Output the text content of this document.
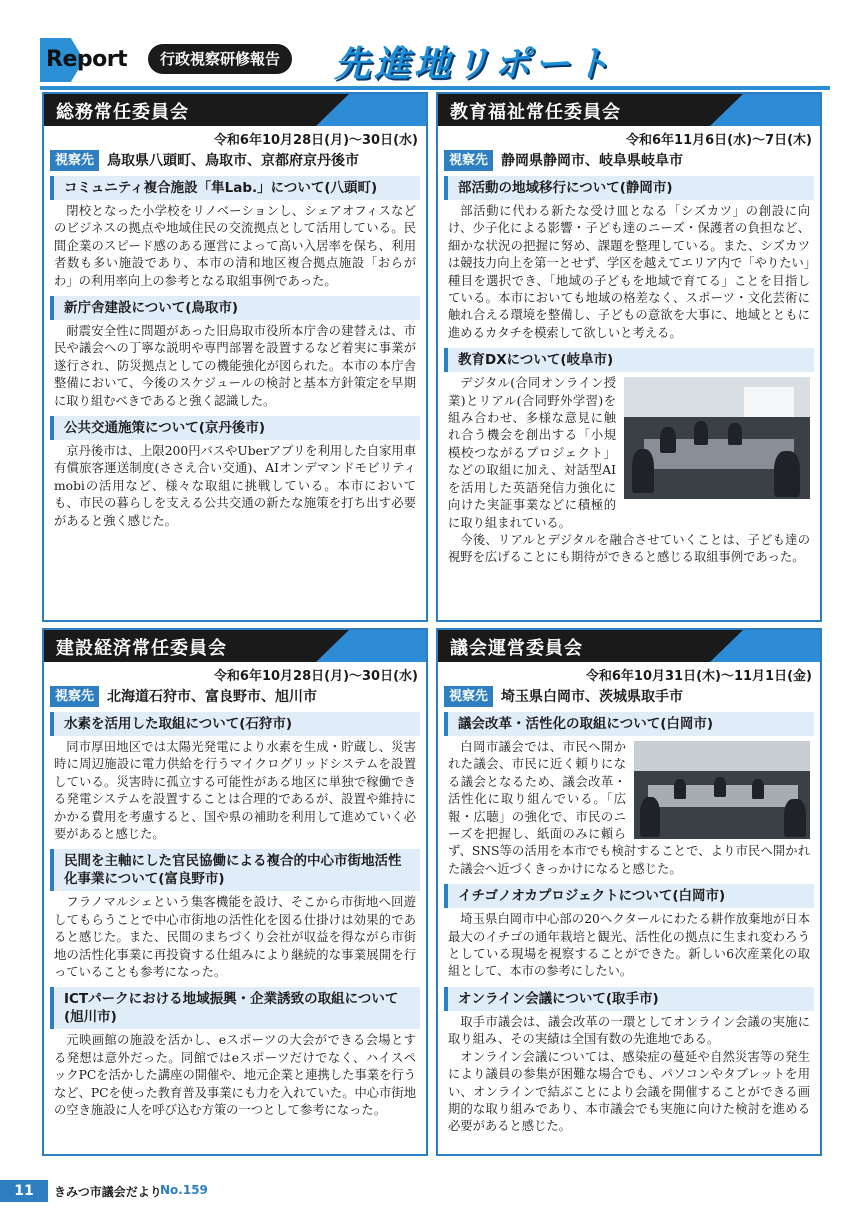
Report	行政視察研修報告	先進地リポート
総務常任委員会
令和6年10月28日(月)〜30日(水)
視察先 鳥取県八頭町、鳥取市、京都府京丹後市
コミュニティ複合施設「隼Lab.」について(八頭町)
閉校となった小学校をリノベーションし、シェアオフィスなどのビジネスの拠点や地域住民の交流拠点として活用している。民間企業のスピード感のある運営によって高い入居率を保ち、利用者数も多い施設であり、本市の清和地区複合拠点施設「おらがわ」の利用率向上の参考となる取組事例であった。
新庁舎建設について(鳥取市)
耐震安全性に問題があった旧鳥取市役所本庁舎の建替えは、市民や議会への丁寧な説明や専門部署を設置するなど着実に事業が遂行され、防災拠点としての機能強化が図られた。本市の本庁舎整備において、今後のスケジュールの検討と基本方針策定を早期に取り組むべきであると強く認識した。
公共交通施策について(京丹後市)
京丹後市は、上限200円バスやUberアプリを利用した自家用車有償旅客運送制度(ささえ合い交通)、AIオンデマンドモビリティmobiの活用など、様々な取組に挑戦している。本市においても、市民の暮らしを支える公共交通の新たな施策を打ち出す必要があると強く感じた。
教育福祉常任委員会
令和6年11月6日(水)〜7日(木)
視察先 静岡県静岡市、岐阜県岐阜市
部活動の地域移行について(静岡市)
部活動に代わる新たな受け皿となる「シズカツ」の創設に向け、少子化による影響・子ども達のニーズ・保護者の負担など、細かな状況の把握に努め、課題を整理している。また、シズカツは競技力向上を第一とせず、学区を越えてエリア内で「やりたい」種目を選択でき、「地域の子どもを地域で育てる」ことを目指している。本市においても地域の格差なく、スポーツ・文化芸術に触れ合える環境を整備し、子どもの意欲を大事に、地域とともに進めるカタチを模索して欲しいと考える。
教育DXについて(岐阜市)
デジタル(合同オンライン授業)とリアル(合同野外学習)を組み合わせ、多様な意見に触れ合う機会を創出する「小規模校つながるプロジェクト」などの取組に加え、対話型AIを活用した英語発信力強化に向けた実証事業などに積極的に取り組まれている。
今後、リアルとデジタルを融合させていくことは、子ども達の視野を広げることにも期待ができると感じる取組事例であった。
建設経済常任委員会
令和6年10月28日(月)〜30日(水)
視察先 北海道石狩市、富良野市、旭川市
水素を活用した取組について(石狩市)
同市厚田地区では太陽光発電により水素を生成・貯蔵し、災害時に周辺施設に電力供給を行うマイクログリッドシステムを設置している。災害時に孤立する可能性がある地区に単独で稼働できる発電システムを設置することは合理的であるが、設置や維持にかかる費用を考慮すると、国や県の補助を利用して進めていく必要があると感じた。
民間を主軸にした官民協働による複合的中心市街地活性化事業について(富良野市)
フラノマルシェという集客機能を設け、そこから市街地へ回遊してもらうことで中心市街地の活性化を図る仕掛けは効果的であると感じた。また、民間のまちづくり会社が収益を得ながら市街地の活性化事業に再投資する仕組みにより継続的な事業展開を行っていることも参考になった。
ICTパークにおける地域振興・企業誘致の取組について(旭川市)
元映画館の施設を活かし、eスポーツの大会ができる会場とする発想は意外だった。同館ではeスポーツだけでなく、ハイスペックPCを活かした講座の開催や、地元企業と連携した事業を行うなど、PCを使った教育普及事業にも力を入れていた。中心市街地の空き施設に人を呼び込む方策の一つとして参考になった。
議会運営委員会
令和6年10月31日(木)〜11月1日(金)
視察先 埼玉県白岡市、茨城県取手市
議会改革・活性化の取組について(白岡市)
白岡市議会では、市民へ開かれた議会、市民に近く頼りになる議会となるため、議会改革・活性化に取り組んでいる。「広報・広聴」の強化で、市民のニーズを把握し、紙面のみに頼らず、SNS等の活用を本市でも検討することで、より市民へ開かれた議会へ近づくきっかけになると感じた。
イチゴノオカプロジェクトについて(白岡市)
埼玉県白岡市中心部の20ヘクタールにわたる耕作放棄地が日本最大のイチゴの通年栽培と観光、活性化の拠点に生まれ変わろうとしている現場を視察することができた。新しい6次産業化の取組として、本市の参考にしたい。
オンライン会議について(取手市)
取手市議会は、議会改革の一環としてオンライン会議の実施に取り組み、その実績は全国有数の先進地である。
オンライン会議については、感染症の蔓延や自然災害等の発生により議員の参集が困難な場合でも、パソコンやタブレットを用い、オンラインで結ぶことにより会議を開催することができる画期的な取り組みであり、本市議会でも実施に向けた検討を進める必要があると感じた。
11	きみつ市議会だより
No.159
